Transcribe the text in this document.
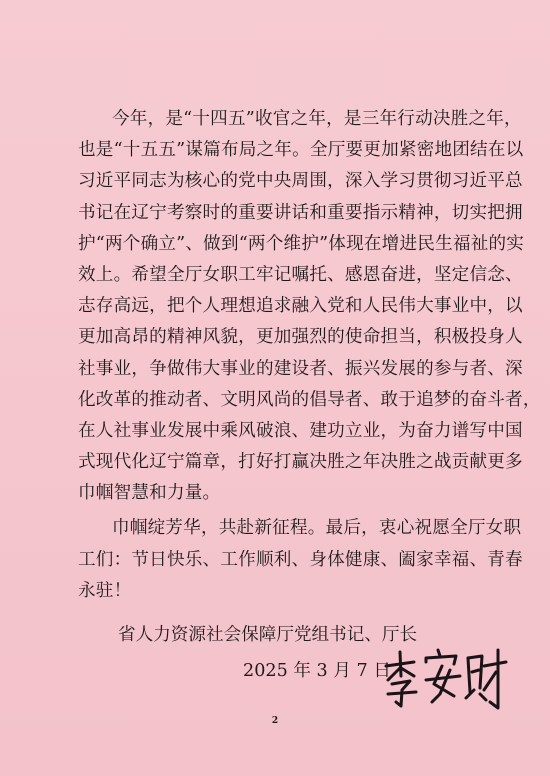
今年，是“十四五”收官之年，是三年行动决胜之年，
也是“十五五”谋篇布局之年。全厅要更加紧密地团结在以
习近平同志为核心的党中央周围，深入学习贯彻习近平总
书记在辽宁考察时的重要讲话和重要指示精神，切实把拥
护“两个确立”、做到“两个维护”体现在增进民生福祉的实
效上。希望全厅女职工牢记嘱托、感恩奋进，坚定信念、
志存高远，把个人理想追求融入党和人民伟大事业中，以
更加高昂的精神风貌，更加强烈的使命担当，积极投身人
社事业，争做伟大事业的建设者、振兴发展的参与者、深
化改革的推动者、文明风尚的倡导者、敢于追梦的奋斗者，
在人社事业发展中乘风破浪、建功立业，为奋力谱写中国
式现代化辽宁篇章，打好打赢决胜之年决胜之战贡献更多
巾帼智慧和力量。
巾帼绽芳华，共赴新征程。最后，衷心祝愿全厅女职
工们：节日快乐、工作顺利、身体健康、阖家幸福、青春
永驻！
省人力资源社会保障厅党组书记、厅长
2025 年 3 月 7 日
2
